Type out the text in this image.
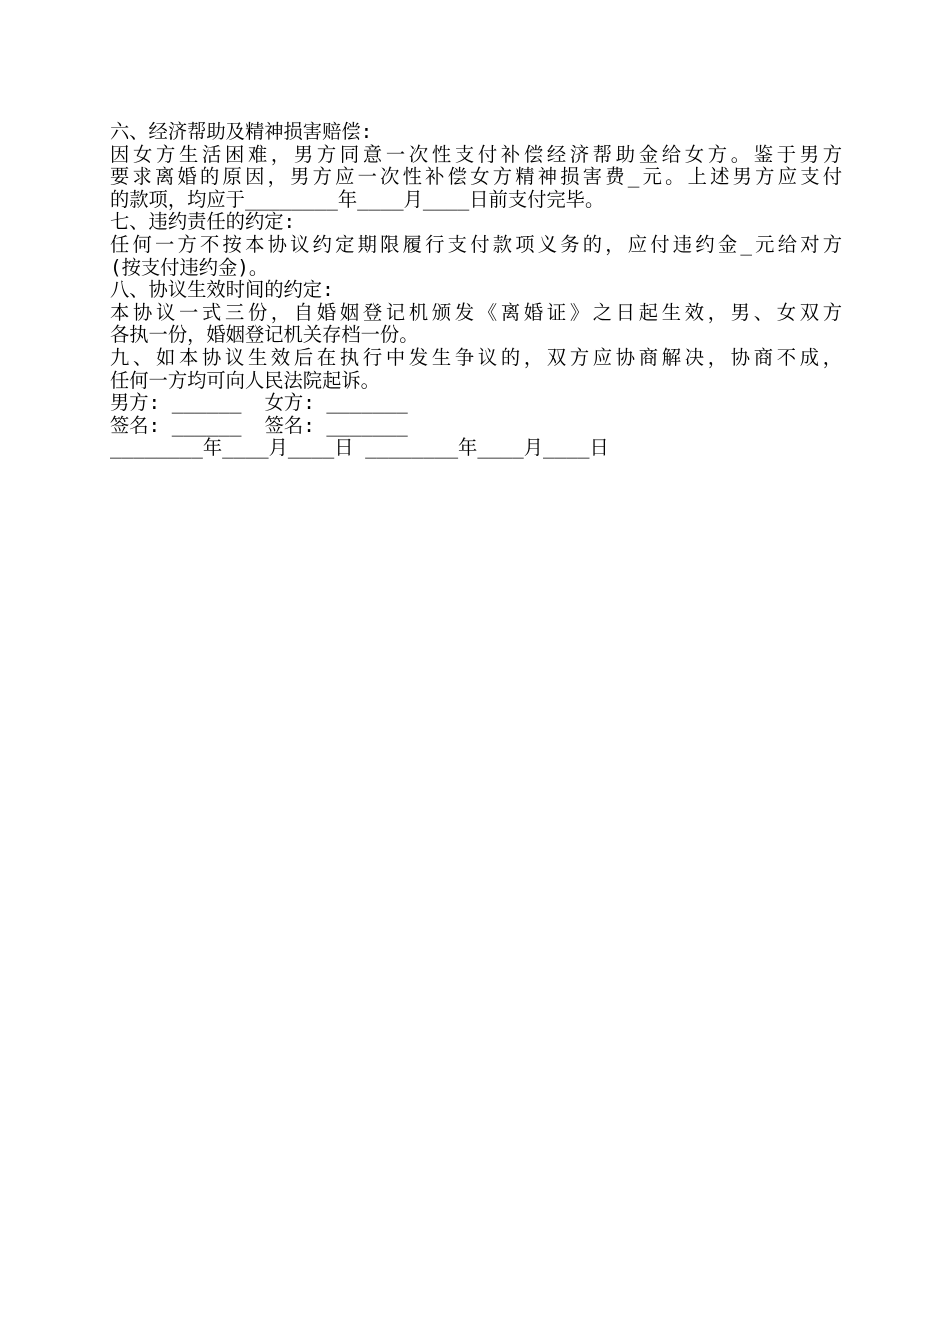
六、经济帮助及精神损害赔偿:
因女方生活困难，男方同意一次性支付补偿经济帮助金给女方。鉴于男方
要求离婚的原因，男方应一次性补偿女方精神损害费_元。上述男方应支付
的款项，均应于________年____月____日前支付完毕。
七、违约责任的约定:
任何一方不按本协议约定期限履行支付款项义务的，应付违约金_元给对方
(按支付违约金)。
八、协议生效时间的约定:
本协议一式三份，自婚姻登记机颁发《离婚证》之日起生效，男、女双方
各执一份，婚姻登记机关存档一份。
九、如本协议生效后在执行中发生争议的，双方应协商解决，协商不成，
任何一方均可向人民法院起诉。
男方: ______  女方: _______
签名: ______  签名: _______
________年____月____日 ________年____月____日
